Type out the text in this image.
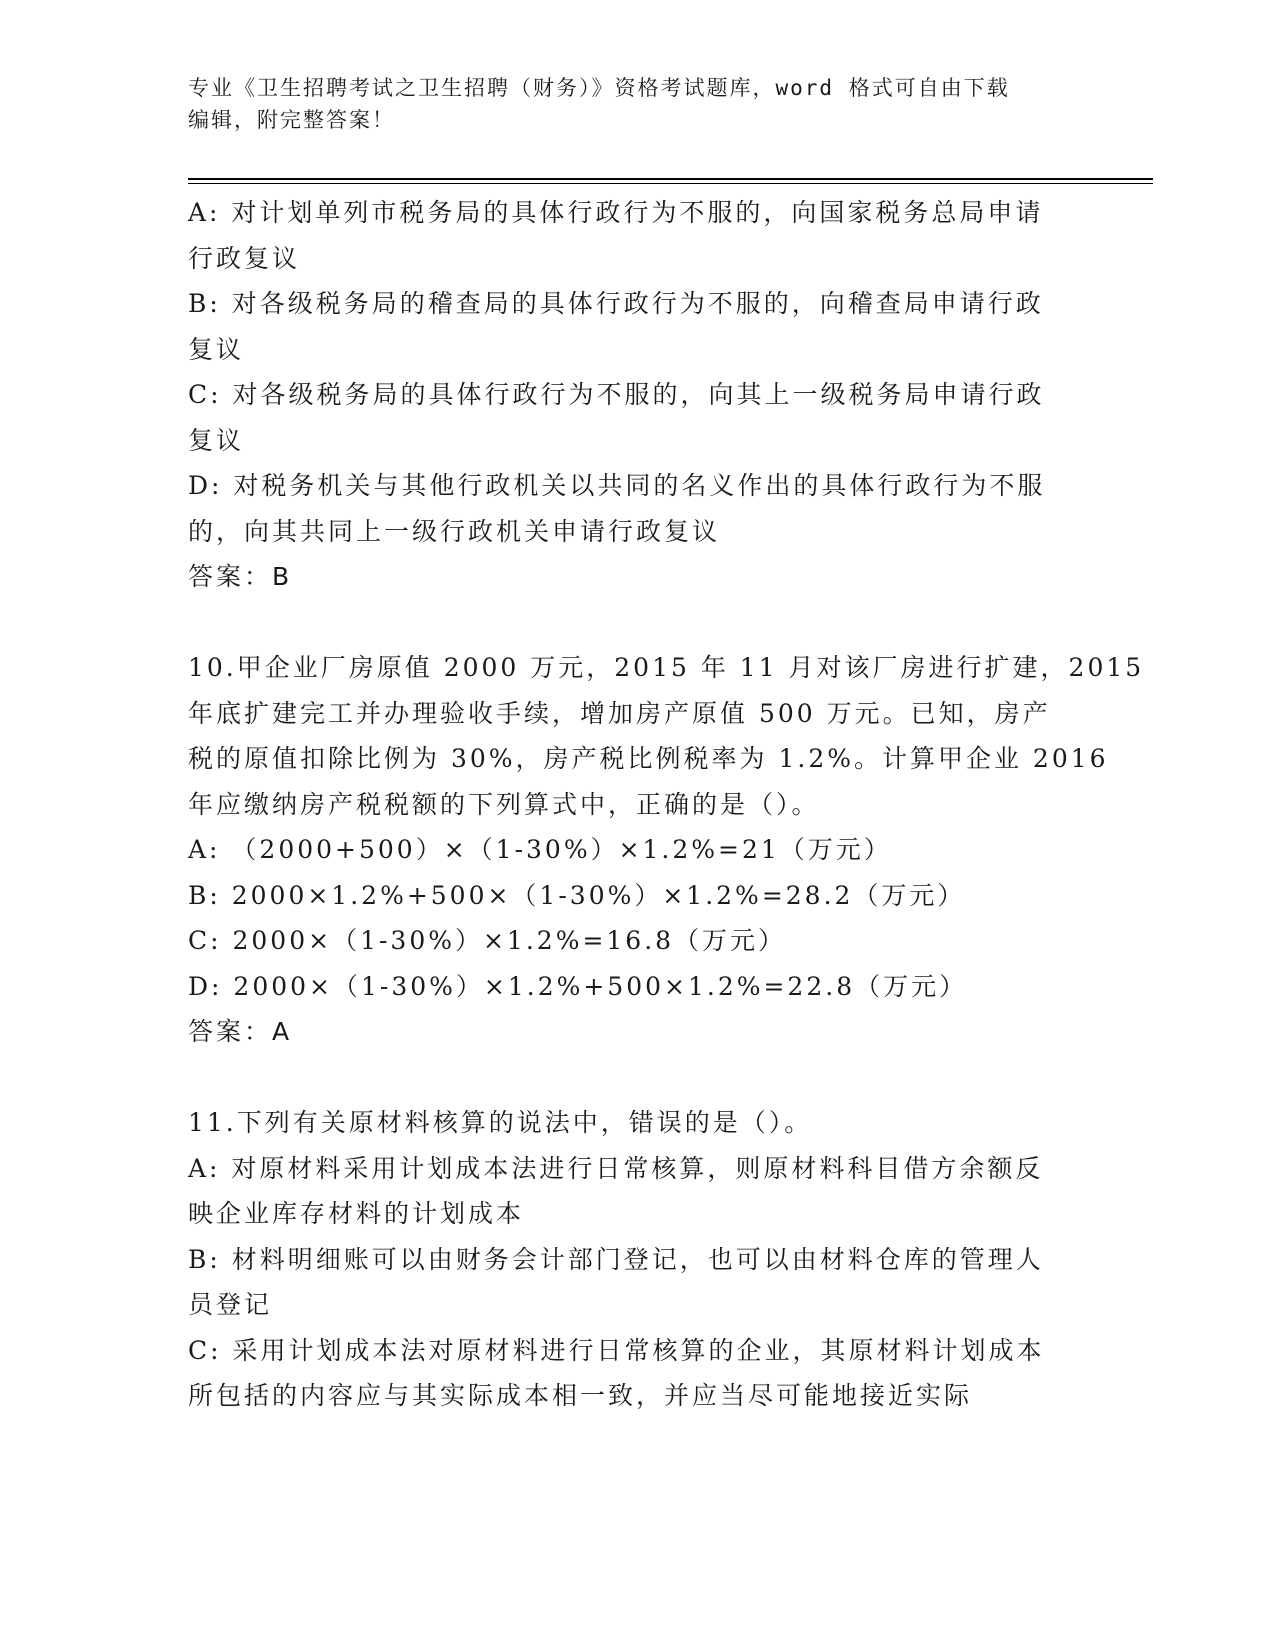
专业《卫生招聘考试之卫生招聘（财务）》资格考试题库，word 格式可自由下载
编辑，附完整答案！
A: 对计划单列市税务局的具体行政行为不服的，向国家税务总局申请
行政复议
B: 对各级税务局的稽查局的具体行政行为不服的，向稽查局申请行政
复议
C: 对各级税务局的具体行政行为不服的，向其上一级税务局申请行政
复议
D: 对税务机关与其他行政机关以共同的名义作出的具体行政行为不服
的，向其共同上一级行政机关申请行政复议
答案：B
10.甲企业厂房原值 2000 万元，2015 年 11 月对该厂房进行扩建，2015
年底扩建完工并办理验收手续，增加房产原值 500 万元。已知，房产
税的原值扣除比例为 30%，房产税比例税率为 1.2%。计算甲企业 2016
年应缴纳房产税税额的下列算式中，正确的是（）。
A: （2000+500）×（1-30%）×1.2%=21（万元）
B: 2000×1.2%+500×（1-30%）×1.2%=28.2（万元）
C: 2000×（1-30%）×1.2%=16.8（万元）
D: 2000×（1-30%）×1.2%+500×1.2%=22.8（万元）
答案：A
11.下列有关原材料核算的说法中，错误的是（）。
A: 对原材料采用计划成本法进行日常核算，则原材料科目借方余额反
映企业库存材料的计划成本
B: 材料明细账可以由财务会计部门登记，也可以由材料仓库的管理人
员登记
C: 采用计划成本法对原材料进行日常核算的企业，其原材料计划成本
所包括的内容应与其实际成本相一致，并应当尽可能地接近实际
